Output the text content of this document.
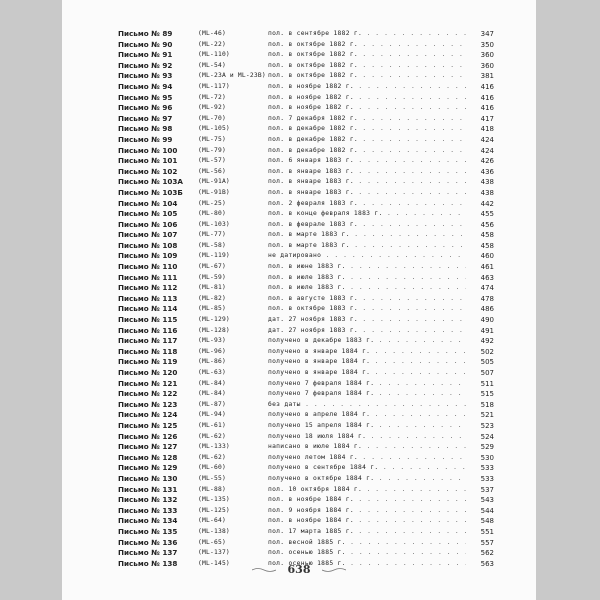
Письмо № 89	(ML-46)	пол. в сентябре 1882 г. . . .	347
Письмо № 90	(ML-22)	пол. в октябре 1882 г. . . .	350
Письмо № 91	(ML-110)	пол. в октябре 1882 г. . . .	360
Письмо № 92	(ML-54)	пол. в октябре 1882 г. . . .	360
Письмо № 93	(ML-23А и ML-23В) пол. в октябре 1882 г. . . .	381
Письмо № 94	(ML-117)	пол. в ноябре 1882 г. . . .	416
Письмо № 95	(ML-72)	пол. в ноябре 1882 г. . . .	416
Письмо № 96	(ML-92)	пол. в ноябре 1882 г. . . .	416
Письмо № 97	(ML-70)	пол. 7 декабря 1882 г. . . .	417
Письмо № 98	(ML-105)	пол. в декабре 1882 г. . . .	418
Письмо № 99	(ML-75)	пол. в декабре 1882 г. . . .	424
Письмо № 100	(ML-79)	пол. в декабре 1882 г. . . .	424
Письмо № 101	(ML-57)	пол. 6 января 1883 г. . . .	426
Письмо № 102	(ML-56)	пол. в январе 1883 г. . . .	436
Письмо № 103А (ML-91A)	пол. в январе 1883 г. . . .	438
Письмо № 103Б (ML-91B)	пол. в январе 1883 г. . . .	438
Письмо № 104	(ML-25)	пол. 2 февраля 1883 г. . . .	442
Письмо № 105	(ML-80)	пол. в конце февраля 1883 г. . . .	455
Письмо № 106	(ML-103)	пол. в феврале 1883 г. . . .	456
Письмо № 107	(ML-77)	пол. в марте 1883 г. . . .	458
Письмо № 108	(ML-58)	пол. в марте 1883 г. . . .	458
Письмо № 109	(ML-119)	не датировано . . .	460
Письмо № 110	(ML-67)	пол. в июне 1883 г. . . .	461
Письмо № 111	(ML-59)	пол. в июле 1883 г. . . .	463
Письмо № 112	(ML-81)	пол. в июле 1883 г. . . .	474
Письмо № 113	(ML-82)	пол. в августе 1883 г. . . .	478
Письмо № 114	(ML-85)	пол. в октябре 1883 г. . . .	486
Письмо № 115	(ML-129)	дат. 27 ноября 1883 г. . . .	490
Письмо № 116	(ML-128)	дат. 27 ноября 1883 г. . . .	491
Письмо № 117	(ML-93)	получено в декабре 1883 г. . . .	492
Письмо № 118	(ML-96)	получено в январе 1884 г. . . .	502
Письмо № 119	(ML-86)	получено в январе 1884 г. . . .	505
Письмо № 120	(ML-63)	получено в январе 1884 г. . . .	507
Письмо № 121	(ML-84)	получено 7 февраля 1884 г. . . .	511
Письмо № 122	(ML-84)	получено 7 февраля 1884 г. . . .	515
Письмо № 123	(ML-87)	без даты . . .	518
Письмо № 124	(ML-94)	получено в апреле 1884 г. . . .	521
Письмо № 125	(ML-61)	получено 15 апреля 1884 г. . . .	523
Письмо № 126	(ML-62)	получено 18 июля 1884 г. . . .	524
Письмо № 127	(ML-133)	написано в июле 1884 г. . . .	529
Письмо № 128	(ML-62)	получено летом 1884 г. . . .	530
Письмо № 129	(ML-60)	получено в сентябре 1884 г. . . .	533
Письмо № 130	(ML-55)	получено в октябре 1884 г. . . .	533
Письмо № 131	(ML-88)	пол. 10 октября 1884 г. . . .	537
Письмо № 132	(ML-135)	пол. в ноябре 1884 г. . . .	543
Письмо № 133	(ML-125)	пол. 9 ноября 1884 г. . . .	544
Письмо № 134	(ML-64)	пол. в ноябре 1884 г. . . .	548
Письмо № 135	(ML-138)	пол. 17 марта 1885 г. . . .	551
Письмо № 136	(ML-65)	пол. весной 1885 г. . . .	557
Письмо № 137	(ML-137)	пол. осенью 1885 г. . . .	562
Письмо № 138	(ML-145)	пол. осенью 1885 г. . . .	563
638
